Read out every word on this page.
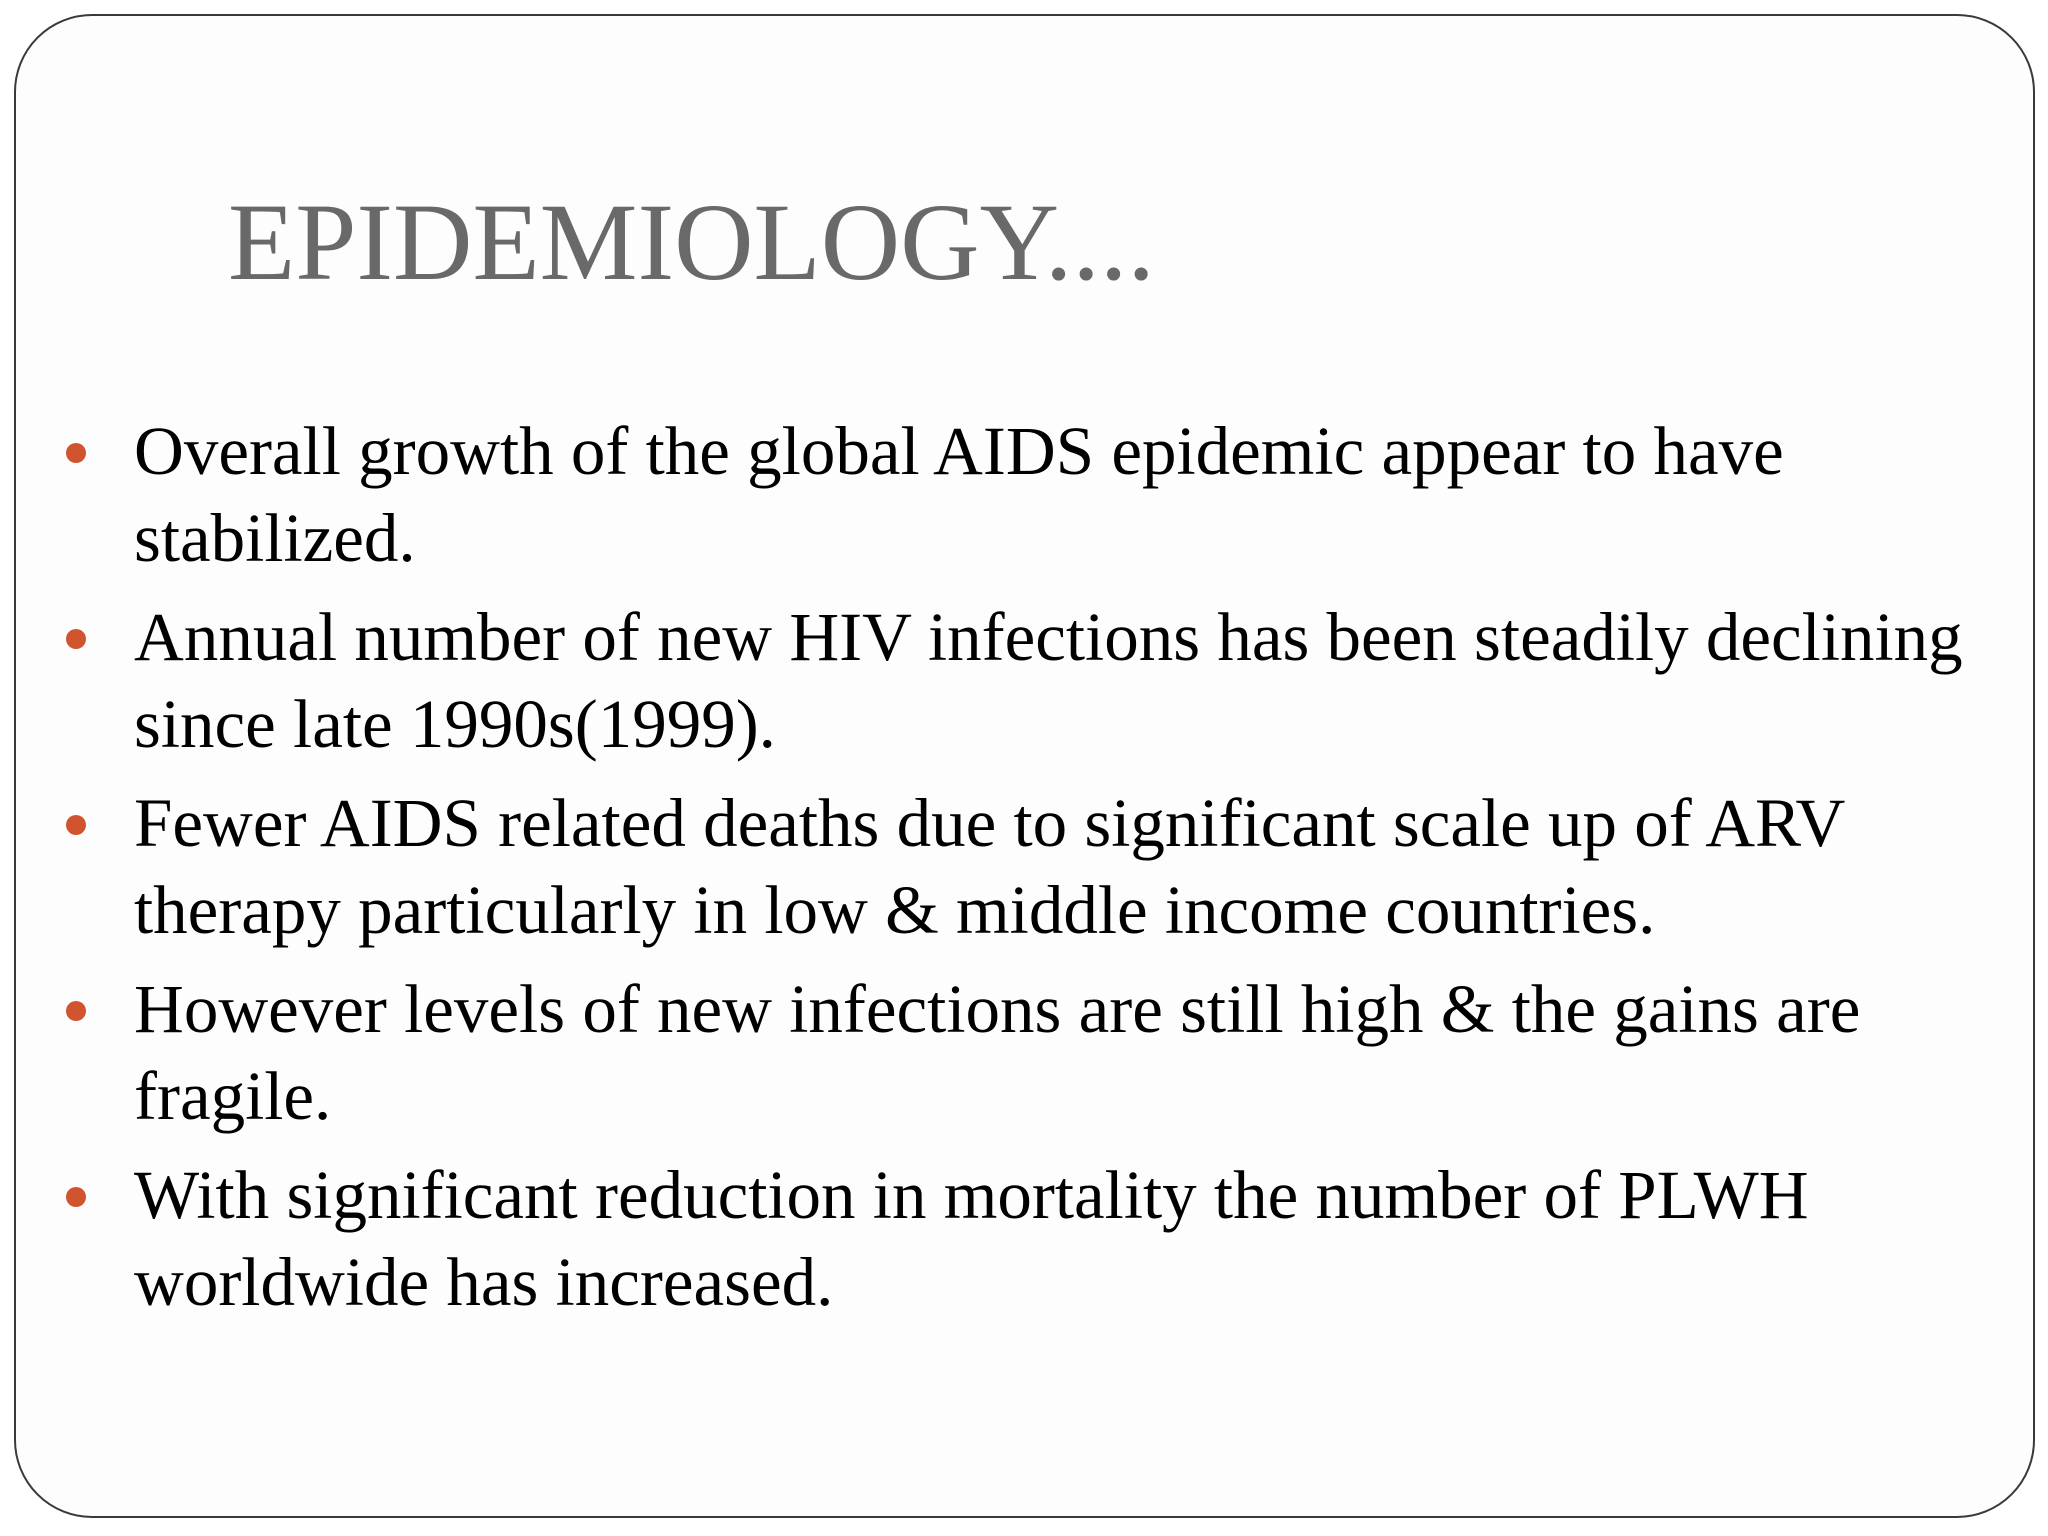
EPIDEMIOLOGY....
Overall growth of the global AIDS epidemic appear to have stabilized.
Annual number of new HIV infections has been steadily declining since late 1990s(1999).
Fewer AIDS related deaths due to significant scale up of ARV therapy particularly in low & middle income countries.
However levels of new infections are still high & the gains are fragile.
With significant reduction in mortality the number of PLWH worldwide has increased.
